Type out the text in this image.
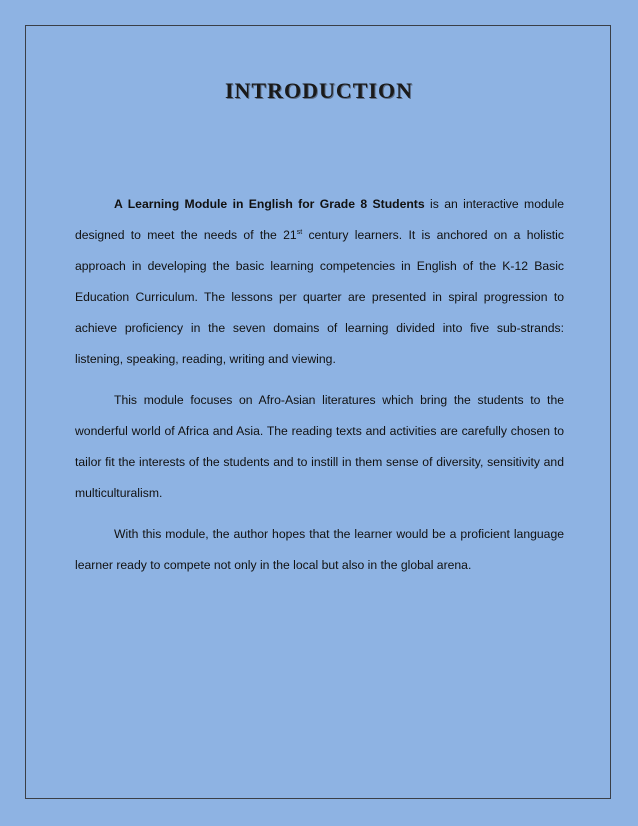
INTRODUCTION

A Learning Module in English for Grade 8 Students is an interactive module designed to meet the needs of the 21st century learners. It is anchored on a holistic approach in developing the basic learning competencies in English of the K-12 Basic Education Curriculum. The lessons per quarter are presented in spiral progression to achieve proficiency in the seven domains of learning divided into five sub-strands: listening, speaking, reading, writing and viewing.

This module focuses on Afro-Asian literatures which bring the students to the wonderful world of Africa and Asia. The reading texts and activities are carefully chosen to tailor fit the interests of the students and to instill in them sense of diversity, sensitivity and multiculturalism.

With this module, the author hopes that the learner would be a proficient language learner ready to compete not only in the local but also in the global arena.
